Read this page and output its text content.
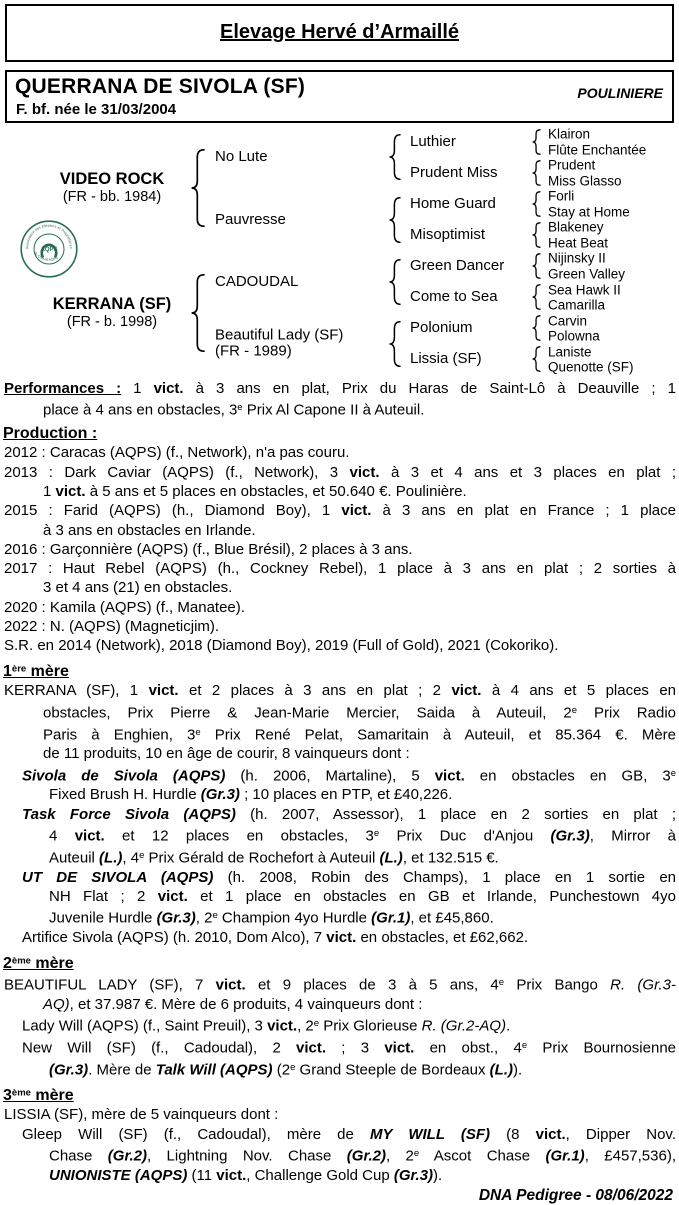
Elevage Hervé d’Armaillé
QUERRANA DE SIVOLA (SF)
F. bf. née le 31/03/2004
POULINIERE
Association des Eleveurs et Propriétaires
du Cheval AQPS
AQPS
Klairon
Flûte Enchantée
Prudent
Miss Glasso
Forli
Stay at Home
Blakeney
Heat Beat
Nijinsky II
Green Valley
Sea Hawk II
Camarilla
Carvin
Polowna
Laniste
Quenotte (SF)
Luthier
Prudent Miss
Home Guard
Misoptimist
Green Dancer
Come to Sea
Polonium
Lissia (SF)
No Lute
Pauvresse
CADOUDAL
Beautiful Lady (SF)
(FR - 1989)
VIDEO ROCK
(FR - bb. 1984)
KERRANA (SF)
(FR - b. 1998)
Performances : 1 vict. à 3 ans en plat, Prix du Haras de Saint-Lô à Deauville ; 1
place à 4 ans en obstacles, 3e Prix Al Capone II à Auteuil.
Production :
2012 : Caracas (AQPS) (f., Network), n'a pas couru.
2013 : Dark Caviar (AQPS) (f., Network), 3 vict. à 3 et 4 ans et 3 places en plat ;
1 vict. à 5 ans et 5 places en obstacles, et 50.640 €. Poulinière.
2015 : Farid (AQPS) (h., Diamond Boy), 1 vict. à 3 ans en plat en France ; 1 place
à 3 ans en obstacles en Irlande.
2016 : Garçonnière (AQPS) (f., Blue Brésil), 2 places à 3 ans.
2017 : Haut Rebel (AQPS) (h., Cockney Rebel), 1 place à 3 ans en plat ; 2 sorties à
3 et 4 ans (21) en obstacles.
2020 : Kamila (AQPS) (f., Manatee).
2022 : N. (AQPS) (Magneticjim).
S.R. en 2014 (Network), 2018 (Diamond Boy), 2019 (Full of Gold), 2021 (Cokoriko).
1ère mère
KERRANA (SF), 1 vict. et 2 places à 3 ans en plat ; 2 vict. à 4 ans et 5 places en
obstacles, Prix Pierre & Jean-Marie Mercier, Saida à Auteuil, 2e Prix Radio
Paris à Enghien, 3e Prix René Pelat, Samaritain à Auteuil, et 85.364 €. Mère
de 11 produits, 10 en âge de courir, 8 vainqueurs dont :
Sivola de Sivola (AQPS) (h. 2006, Martaline), 5 vict. en obstacles en GB, 3e
Fixed Brush H. Hurdle (Gr.3) ; 10 places en PTP, et £40,226.
Task Force Sivola (AQPS) (h. 2007, Assessor), 1 place en 2 sorties en plat ;
4 vict. et 12 places en obstacles, 3e Prix Duc d'Anjou (Gr.3), Mirror à
Auteuil (L.), 4e Prix Gérald de Rochefort à Auteuil (L.), et 132.515 €.
UT DE SIVOLA (AQPS) (h. 2008, Robin des Champs), 1 place en 1 sortie en
NH Flat ; 2 vict. et 1 place en obstacles en GB et Irlande, Punchestown 4yo
Juvenile Hurdle (Gr.3), 2e Champion 4yo Hurdle (Gr.1), et £45,860.
Artifice Sivola (AQPS) (h. 2010, Dom Alco), 7 vict. en obstacles, et £62,662.
2ème mère
BEAUTIFUL LADY (SF), 7 vict. et 9 places de 3 à 5 ans, 4e Prix Bango R. (Gr.3-
AQ), et 37.987 €. Mère de 6 produits, 4 vainqueurs dont :
Lady Will (AQPS) (f., Saint Preuil), 3 vict., 2e Prix Glorieuse R. (Gr.2-AQ).
New Will (SF) (f., Cadoudal), 2 vict. ; 3 vict. en obst., 4e Prix Bournosienne
(Gr.3). Mère de Talk Will (AQPS) (2e Grand Steeple de Bordeaux (L.)).
3ème mère
LISSIA (SF), mère de 5 vainqueurs dont :
Gleep Will (SF) (f., Cadoudal), mère de MY WILL (SF) (8 vict., Dipper Nov.
Chase (Gr.2), Lightning Nov. Chase (Gr.2), 2e Ascot Chase (Gr.1), £457,536),
UNIONISTE (AQPS) (11 vict., Challenge Gold Cup (Gr.3)).
DNA Pedigree - 08/06/2022
